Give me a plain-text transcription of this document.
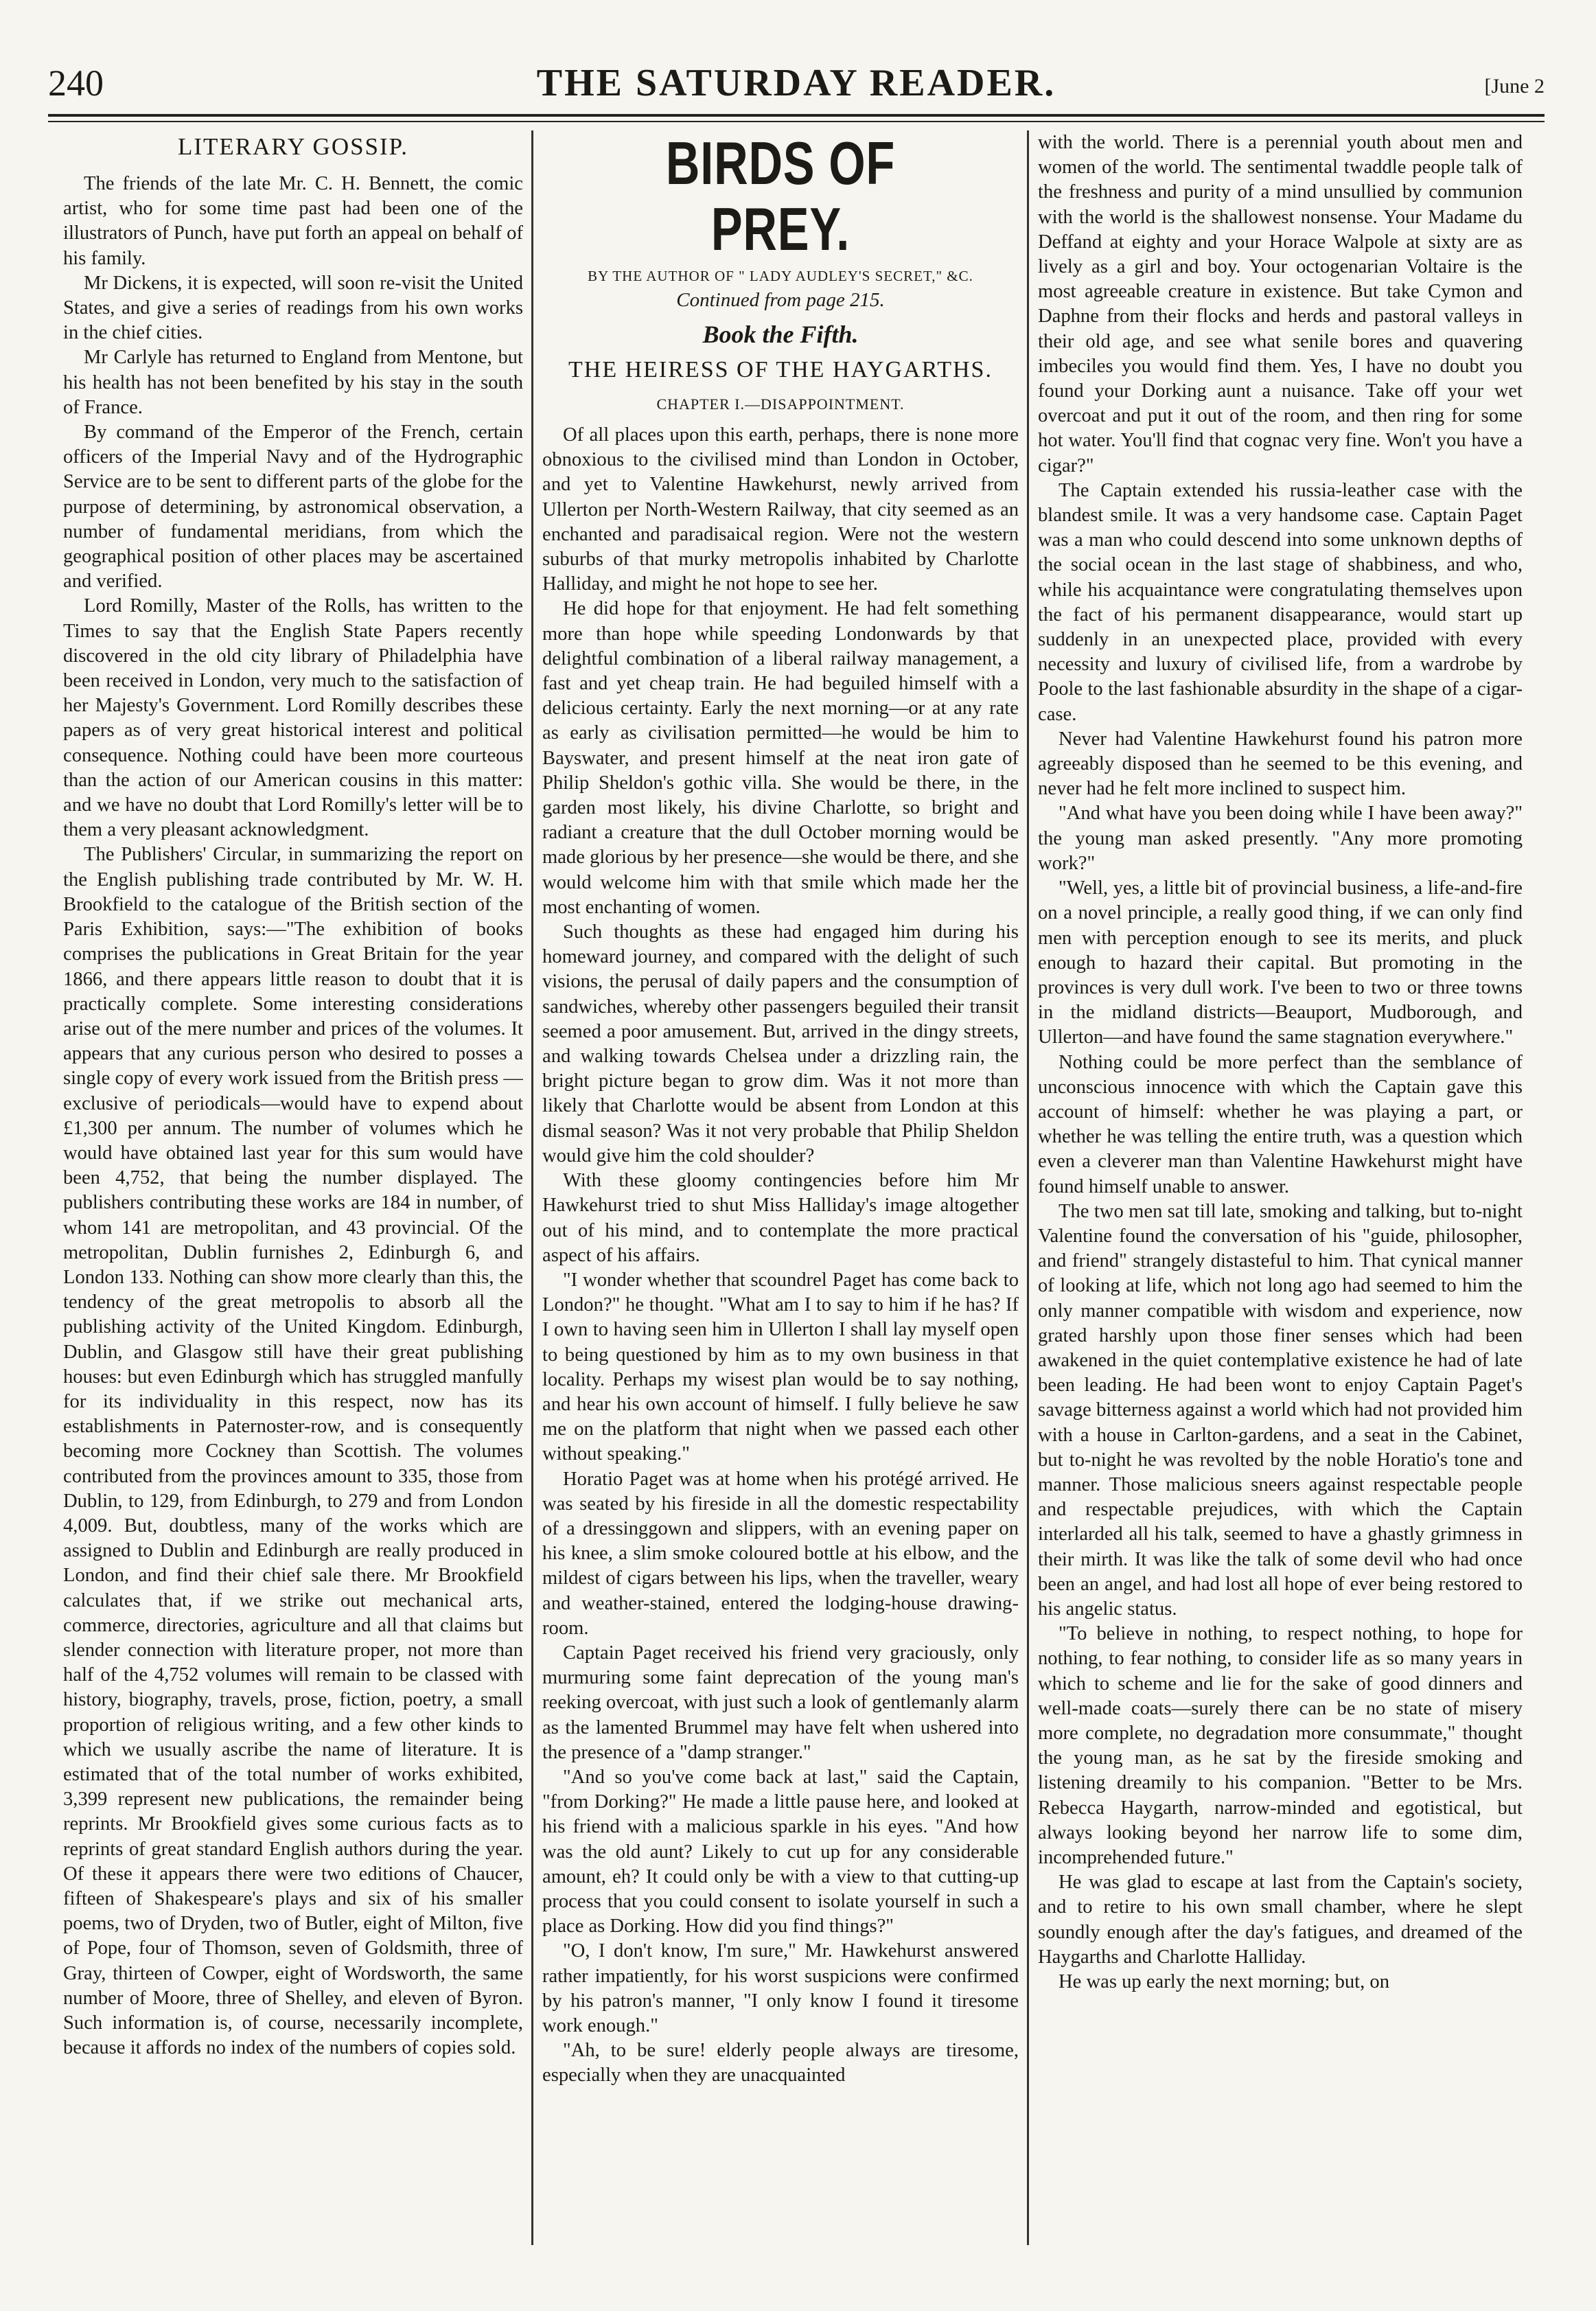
240	THE SATURDAY READER.	[June 2
LITERARY GOSSIP.

The friends of the late Mr. C. H. Bennett, the comic artist, who for some time past had been one of the illustrators of Punch, have put forth an appeal on behalf of his family.

Mr Dickens, it is expected, will soon re-visit the United States, and give a series of readings from his own works in the chief cities.

Mr Carlyle has returned to England from Mentone, but his health has not been benefited by his stay in the south of France.

By command of the Emperor of the French, certain officers of the Imperial Navy and of the Hydrographic Service are to be sent to different parts of the globe for the purpose of determining, by astronomical observation, a number of fundamental meridians, from which the geographical position of other places may be ascertained and verified.

Lord Romilly, Master of the Rolls, has written to the Times to say that the English State Papers recently discovered in the old city library of Philadelphia have been received in London, very much to the satisfaction of her Majesty's Government. Lord Romilly describes these papers as of very great historical interest and political consequence. Nothing could have been more courteous than the action of our American cousins in this matter: and we have no doubt that Lord Romilly's letter will be to them a very pleasant acknowledgment.

The Publishers' Circular, in summarizing the report on the English publishing trade contributed by Mr. W. H. Brookfield to the catalogue of the British section of the Paris Exhibition, says:—"The exhibition of books comprises the publications in Great Britain for the year 1866, and there appears little reason to doubt that it is practically complete. Some interesting considerations arise out of the mere number and prices of the volumes. It appears that any curious person who desired to posses a single copy of every work issued from the British press —exclusive of periodicals—would have to expend about £1,300 per annum. The number of volumes which he would have obtained last year for this sum would have been 4,752, that being the number displayed. The publishers contributing these works are 184 in number, of whom 141 are metropolitan, and 43 provincial. Of the metropolitan, Dublin furnishes 2, Edinburgh 6, and London 133. Nothing can show more clearly than this, the tendency of the great metropolis to absorb all the publishing activity of the United Kingdom. Edinburgh, Dublin, and Glasgow still have their great publishing houses: but even Edinburgh which has struggled manfully for its individuality in this respect, now has its establishments in Paternoster-row, and is consequently becoming more Cockney than Scottish. The volumes contributed from the provinces amount to 335, those from Dublin, to 129, from Edinburgh, to 279 and from London 4,009. But, doubtless, many of the works which are assigned to Dublin and Edinburgh are really produced in London, and find their chief sale there. Mr Brookfield calculates that, if we strike out mechanical arts, commerce, directories, agriculture and all that claims but slender connection with literature proper, not more than half of the 4,752 volumes will remain to be classed with history, biography, travels, prose, fiction, poetry, a small proportion of religious writing, and a few other kinds to which we usually ascribe the name of literature. It is estimated that of the total number of works exhibited, 3,399 represent new publications, the remainder being reprints. Mr Brookfield gives some curious facts as to reprints of great standard English authors during the year. Of these it appears there were two editions of Chaucer, fifteen of Shakespeare's plays and six of his smaller poems, two of Dryden, two of Butler, eight of Milton, five of Pope, four of Thomson, seven of Goldsmith, three of Gray, thirteen of Cowper, eight of Wordsworth, the same number of Moore, three of Shelley, and eleven of Byron. Such information is, of course, necessarily incomplete, because it affords no index of the numbers of copies sold.

BIRDS OF PREY.
BY THE AUTHOR OF " LADY AUDLEY'S SECRET," &C.
Continued from page 215.
Book the Fifth.
THE HEIRESS OF THE HAYGARTHS.
CHAPTER I.—DISAPPOINTMENT.

Of all places upon this earth, perhaps, there is none more obnoxious to the civilised mind than London in October, and yet to Valentine Hawkehurst, newly arrived from Ullerton per North-Western Railway, that city seemed as an enchanted and paradisaical region. Were not the western suburbs of that murky metropolis inhabited by Charlotte Halliday, and might he not hope to see her.

He did hope for that enjoyment. He had felt something more than hope while speeding Londonwards by that delightful combination of a liberal railway management, a fast and yet cheap train. He had beguiled himself with a delicious certainty. Early the next morning—or at any rate as early as civilisation permitted—he would be him to Bayswater, and present himself at the neat iron gate of Philip Sheldon's gothic villa. She would be there, in the garden most likely, his divine Charlotte, so bright and radiant a creature that the dull October morning would be made glorious by her presence—she would be there, and she would welcome him with that smile which made her the most enchanting of women.

Such thoughts as these had engaged him during his homeward journey, and compared with the delight of such visions, the perusal of daily papers and the consumption of sandwiches, whereby other passengers beguiled their transit seemed a poor amusement. But, arrived in the dingy streets, and walking towards Chelsea under a drizzling rain, the bright picture began to grow dim. Was it not more than likely that Charlotte would be absent from London at this dismal season? Was it not very probable that Philip Sheldon would give him the cold shoulder?

With these gloomy contingencies before him Mr Hawkehurst tried to shut Miss Halliday's image altogether out of his mind, and to contemplate the more practical aspect of his affairs.

"I wonder whether that scoundrel Paget has come back to London?" he thought. "What am I to say to him if he has? If I own to having seen him in Ullerton I shall lay myself open to being questioned by him as to my own business in that locality. Perhaps my wisest plan would be to say nothing, and hear his own account of himself. I fully believe he saw me on the platform that night when we passed each other without speaking."

Horatio Paget was at home when his protégé arrived. He was seated by his fireside in all the domestic respectability of a dressinggown and slippers, with an evening paper on his knee, a slim smoke coloured bottle at his elbow, and the mildest of cigars between his lips, when the traveller, weary and weather-stained, entered the lodging-house drawing-room.

Captain Paget received his friend very graciously, only murmuring some faint deprecation of the young man's reeking overcoat, with just such a look of gentlemanly alarm as the lamented Brummel may have felt when ushered into the presence of a "damp stranger."

"And so you've come back at last," said the Captain, "from Dorking?" He made a little pause here, and looked at his friend with a malicious sparkle in his eyes. "And how was the old aunt? Likely to cut up for any considerable amount, eh? It could only be with a view to that cutting-up process that you could consent to isolate yourself in such a place as Dorking. How did you find things?"

"O, I don't know, I'm sure," Mr. Hawkehurst answered rather impatiently, for his worst suspicions were confirmed by his patron's manner, "I only know I found it tiresome work enough."

"Ah, to be sure! elderly people always are tiresome, especially when they are unacquainted

with the world. There is a perennial youth about men and women of the world. The sentimental twaddle people talk of the freshness and purity of a mind unsullied by communion with the world is the shallowest nonsense. Your Madame du Deffand at eighty and your Horace Walpole at sixty are as lively as a girl and boy. Your octogenarian Voltaire is the most agreeable creature in existence. But take Cymon and Daphne from their flocks and herds and pastoral valleys in their old age, and see what senile bores and quavering imbeciles you would find them. Yes, I have no doubt you found your Dorking aunt a nuisance. Take off your wet overcoat and put it out of the room, and then ring for some hot water. You'll find that cognac very fine. Won't you have a cigar?"

The Captain extended his russia-leather case with the blandest smile. It was a very handsome case. Captain Paget was a man who could descend into some unknown depths of the social ocean in the last stage of shabbiness, and who, while his acquaintance were congratulating themselves upon the fact of his permanent disappearance, would start up suddenly in an unexpected place, provided with every necessity and luxury of civilised life, from a wardrobe by Poole to the last fashionable absurdity in the shape of a cigar-case.

Never had Valentine Hawkehurst found his patron more agreeably disposed than he seemed to be this evening, and never had he felt more inclined to suspect him.

"And what have you been doing while I have been away?" the young man asked presently. "Any more promoting work?"

"Well, yes, a little bit of provincial business, a life-and-fire on a novel principle, a really good thing, if we can only find men with perception enough to see its merits, and pluck enough to hazard their capital. But promoting in the provinces is very dull work. I've been to two or three towns in the midland districts—Beauport, Mudborough, and Ullerton—and have found the same stagnation everywhere."

Nothing could be more perfect than the semblance of unconscious innocence with which the Captain gave this account of himself: whether he was playing a part, or whether he was telling the entire truth, was a question which even a cleverer man than Valentine Hawkehurst might have found himself unable to answer.

The two men sat till late, smoking and talking, but to-night Valentine found the conversation of his "guide, philosopher, and friend" strangely distasteful to him. That cynical manner of looking at life, which not long ago had seemed to him the only manner compatible with wisdom and experience, now grated harshly upon those finer senses which had been awakened in the quiet contemplative existence he had of late been leading. He had been wont to enjoy Captain Paget's savage bitterness against a world which had not provided him with a house in Carlton-gardens, and a seat in the Cabinet, but to-night he was revolted by the noble Horatio's tone and manner. Those malicious sneers against respectable people and respectable prejudices, with which the Captain interlarded all his talk, seemed to have a ghastly grimness in their mirth. It was like the talk of some devil who had once been an angel, and had lost all hope of ever being restored to his angelic status.

"To believe in nothing, to respect nothing, to hope for nothing, to fear nothing, to consider life as so many years in which to scheme and lie for the sake of good dinners and well-made coats—surely there can be no state of misery more complete, no degradation more consummate," thought the young man, as he sat by the fireside smoking and listening dreamily to his companion. "Better to be Mrs. Rebecca Haygarth, narrow-minded and egotistical, but always looking beyond her narrow life to some dim, incomprehended future."

He was glad to escape at last from the Captain's society, and to retire to his own small chamber, where he slept soundly enough after the day's fatigues, and dreamed of the Haygarths and Charlotte Halliday.

He was up early the next morning; but, on
